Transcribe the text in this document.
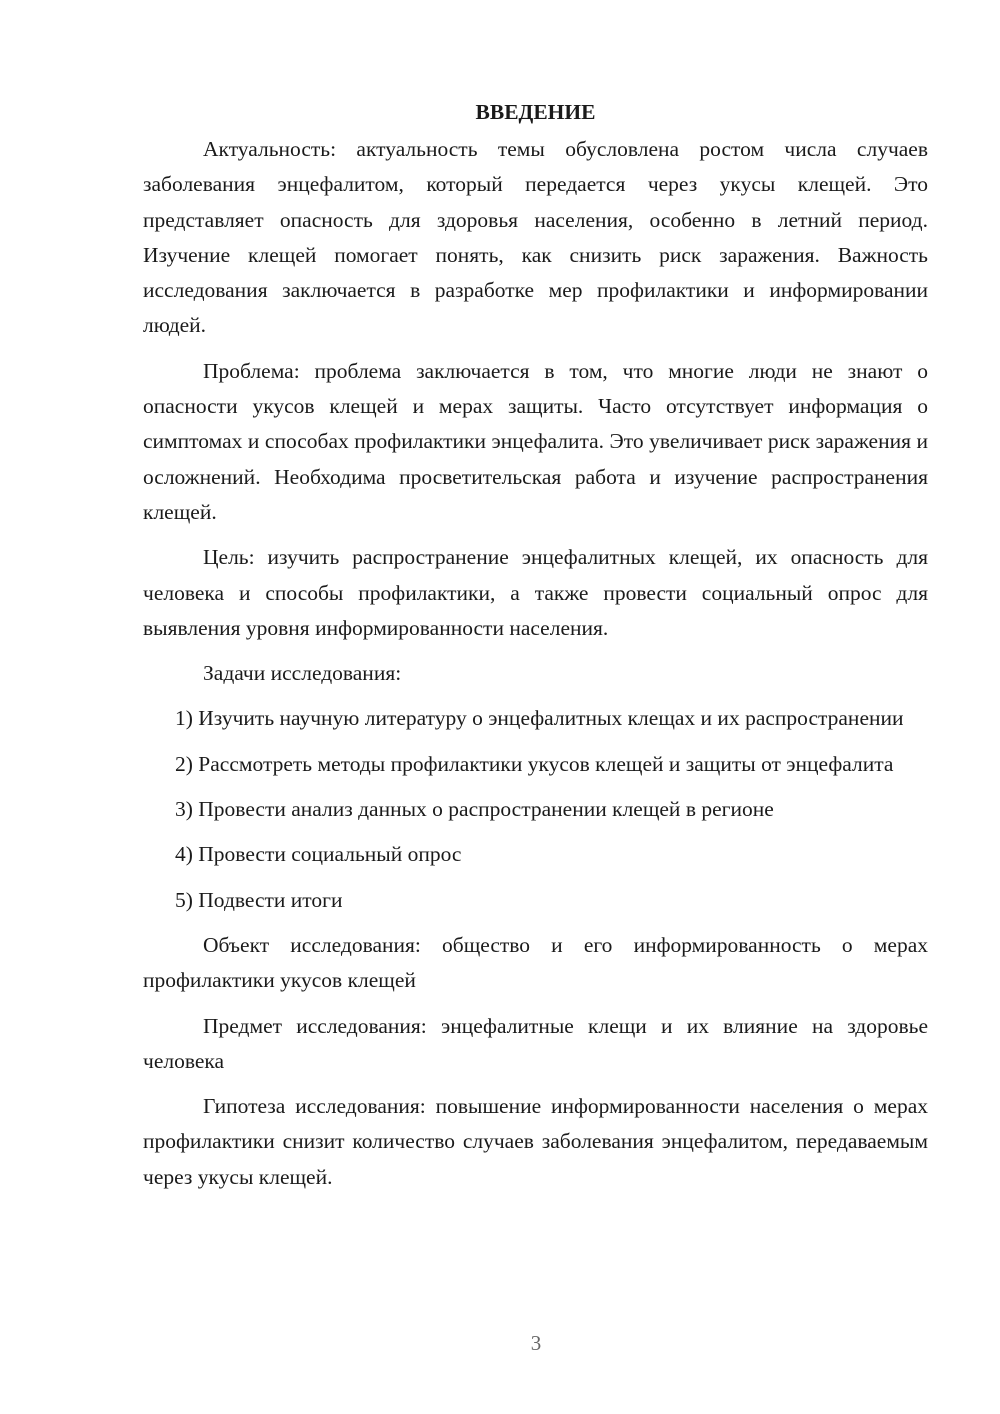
ВВЕДЕНИЕ

Актуальность: актуальность темы обусловлена ростом числа случаев заболевания энцефалитом, который передается через укусы клещей. Это представляет опасность для здоровья населения, особенно в летний период. Изучение клещей помогает понять, как снизить риск заражения. Важность исследования заключается в разработке мер профилактики и информировании людей.

Проблема: проблема заключается в том, что многие люди не знают о опасности укусов клещей и мерах защиты. Часто отсутствует информация о симптомах и способах профилактики энцефалита. Это увеличивает риск заражения и осложнений. Необходима просветительская работа и изучение распространения клещей.

Цель: изучить распространение энцефалитных клещей, их опасность для человека и способы профилактики, а также провести социальный опрос для выявления уровня информированности населения.

Задачи исследования:

1) Изучить научную литературу о энцефалитных клещах и их распространении

2) Рассмотреть методы профилактики укусов клещей и защиты от энцефалита

3) Провести анализ данных о распространении клещей в регионе

4) Провести социальный опрос

5) Подвести итоги

Объект исследования: общество и его информированность о мерах профилактики укусов клещей

Предмет исследования: энцефалитные клещи и их влияние на здоровье человека

Гипотеза исследования: повышение информированности населения о мерах профилактики снизит количество случаев заболевания энцефалитом, передаваемым через укусы клещей.

3
